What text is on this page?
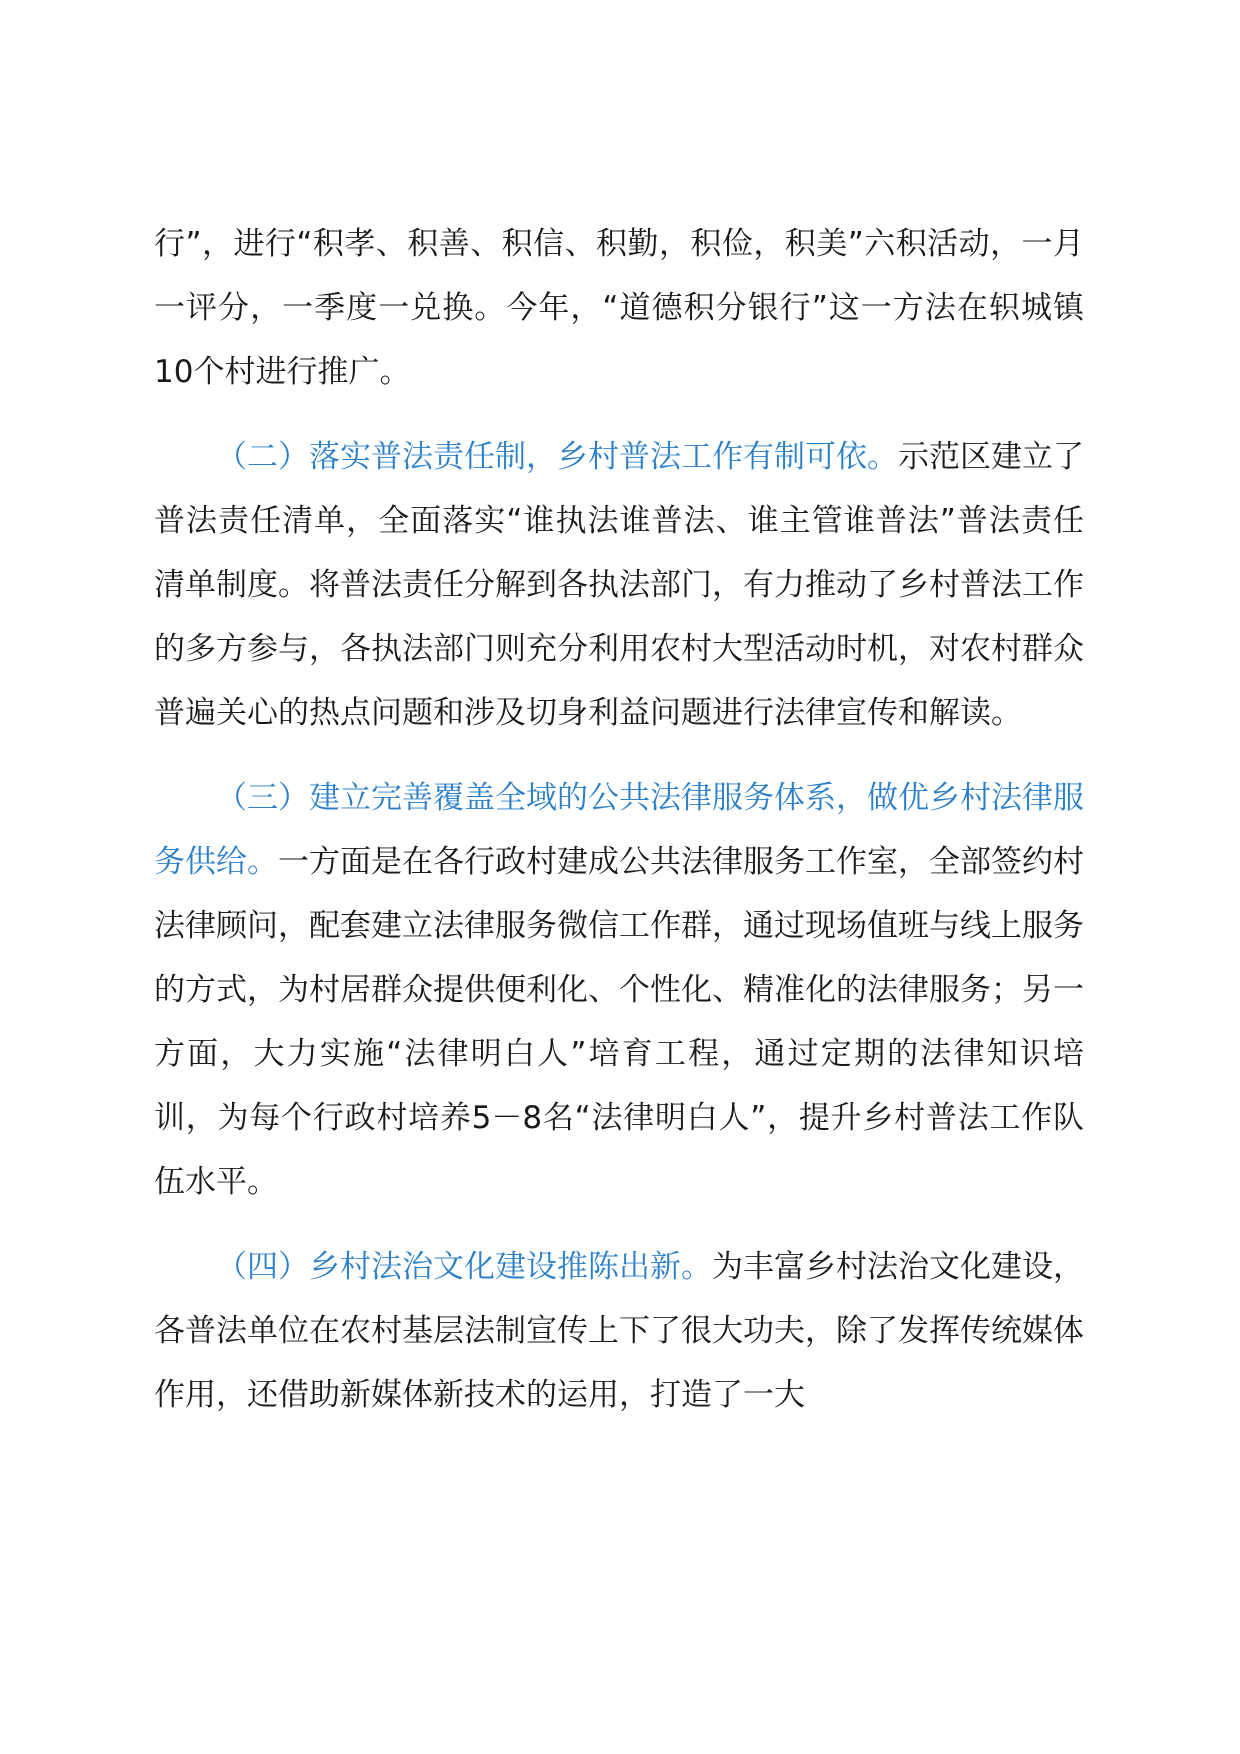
行”，进行“积孝、积善、积信、积勤，积俭，积美”六积活动，一月一评分，一季度一兑换。今年，“道德积分银行”这一方法在轵城镇10个村进行推广。

（二）落实普法责任制，乡村普法工作有制可依。示范区建立了普法责任清单，全面落实“谁执法谁普法、谁主管谁普法”普法责任清单制度。将普法责任分解到各执法部门，有力推动了乡村普法工作的多方参与，各执法部门则充分利用农村大型活动时机，对农村群众普遍关心的热点问题和涉及切身利益问题进行法律宣传和解读。

（三）建立完善覆盖全域的公共法律服务体系，做优乡村法律服务供给。一方面是在各行政村建成公共法律服务工作室，全部签约村法律顾问，配套建立法律服务微信工作群，通过现场值班与线上服务的方式，为村居群众提供便利化、个性化、精准化的法律服务；另一方面，大力实施“法律明白人”培育工程，通过定期的法律知识培训，为每个行政村培养5－8名“法律明白人”，提升乡村普法工作队伍水平。

（四）乡村法治文化建设推陈出新。为丰富乡村法治文化建设，各普法单位在农村基层法制宣传上下了很大功夫，除了发挥传统媒体作用，还借助新媒体新技术的运用，打造了一大
